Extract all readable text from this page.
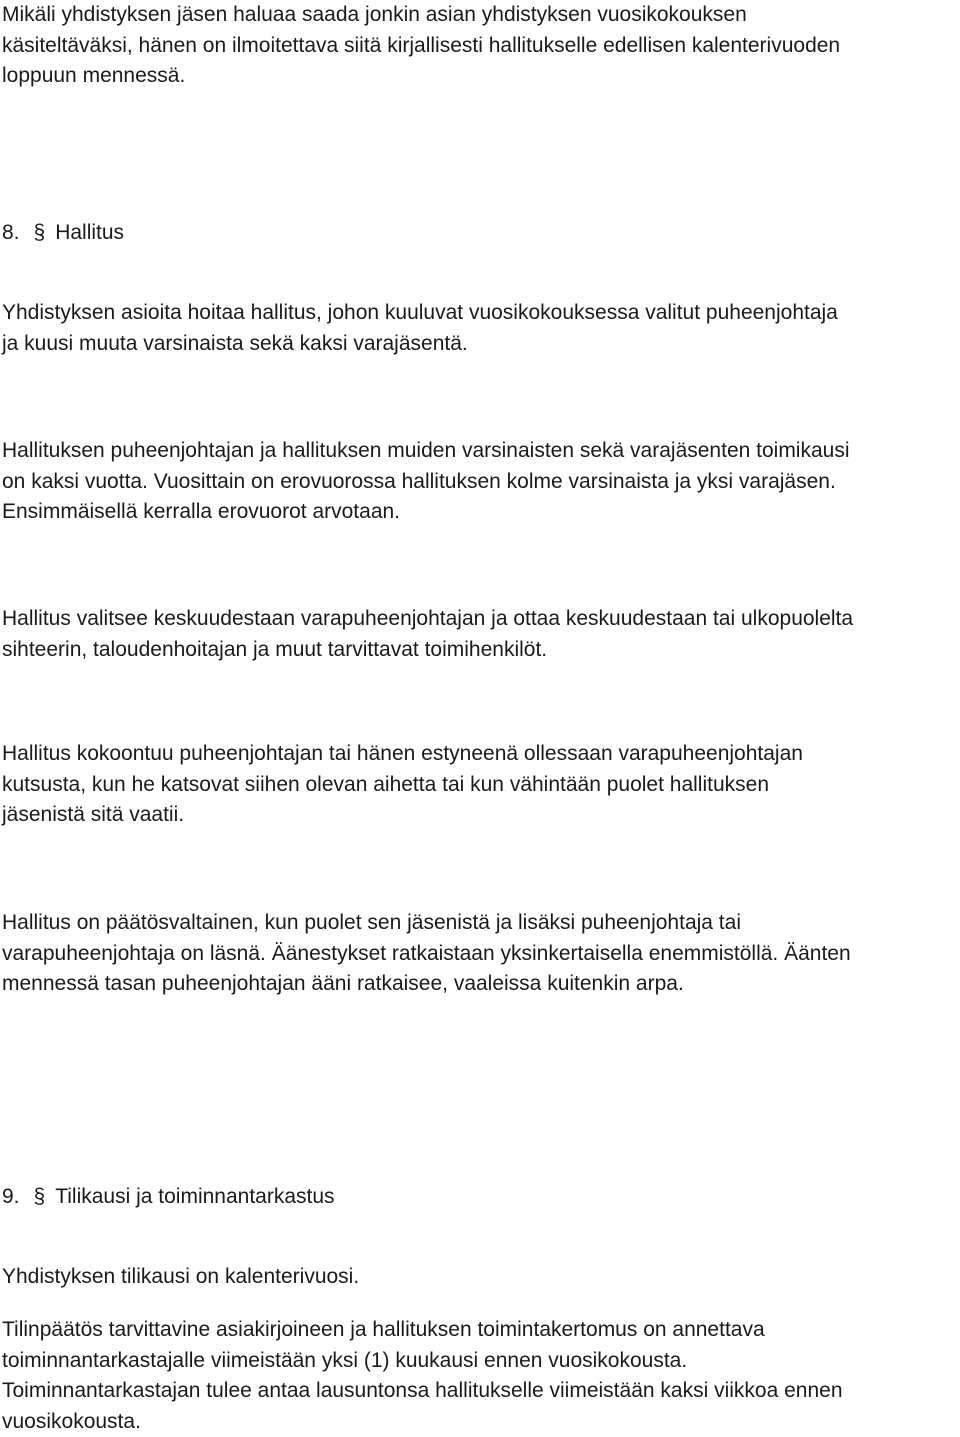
Mikäli yhdistyksen jäsen haluaa saada jonkin asian yhdistyksen vuosikokouksen
käsiteltäväksi, hänen on ilmoitettava siitä kirjallisesti hallitukselle edellisen kalenterivuoden
loppuun mennessä.

8. § Hallitus

Yhdistyksen asioita hoitaa hallitus, johon kuuluvat vuosikokouksessa valitut puheenjohtaja
ja kuusi muuta varsinaista sekä kaksi varajäsentä.

Hallituksen puheenjohtajan ja hallituksen muiden varsinaisten sekä varajäsenten toimikausi
on kaksi vuotta. Vuosittain on erovuorossa hallituksen kolme varsinaista ja yksi varajäsen.
Ensimmäisellä kerralla erovuorot arvotaan.

Hallitus valitsee keskuudestaan varapuheenjohtajan ja ottaa keskuudestaan tai ulkopuolelta
sihteerin, taloudenhoitajan ja muut tarvittavat toimihenkilöt.

Hallitus kokoontuu puheenjohtajan tai hänen estyneenä ollessaan varapuheenjohtajan
kutsusta, kun he katsovat siihen olevan aihetta tai kun vähintään puolet hallituksen
jäsenistä sitä vaatii.

Hallitus on päätösvaltainen, kun puolet sen jäsenistä ja lisäksi puheenjohtaja tai
varapuheenjohtaja on läsnä. Äänestykset ratkaistaan yksinkertaisella enemmistöllä. Äänten
mennessä tasan puheenjohtajan ääni ratkaisee, vaaleissa kuitenkin arpa.

9. § Tilikausi ja toiminnantarkastus

Yhdistyksen tilikausi on kalenterivuosi.

Tilinpäätös tarvittavine asiakirjoineen ja hallituksen toimintakertomus on annettava
toiminnantarkastajalle viimeistään yksi (1) kuukausi ennen vuosikokousta.
Toiminnantarkastajan tulee antaa lausuntonsa hallitukselle viimeistään kaksi viikkoa ennen
vuosikokousta.
